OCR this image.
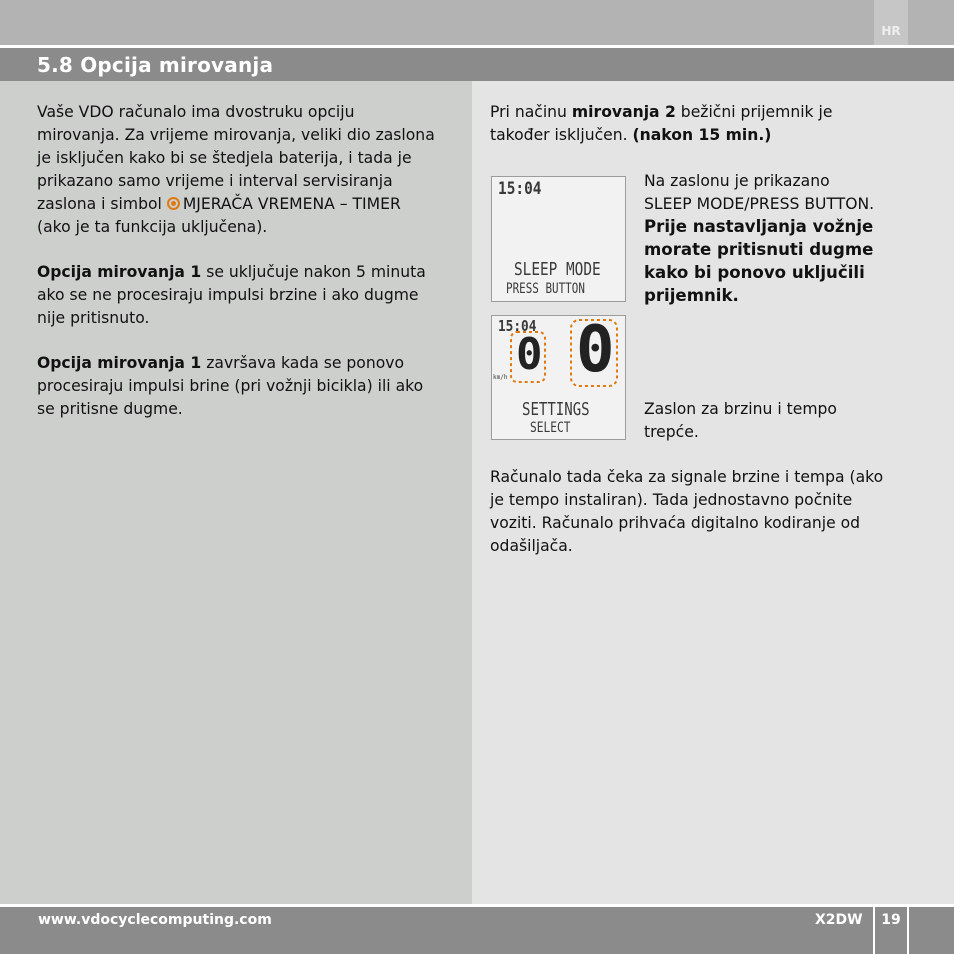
HR
5.8 Opcija mirovanja
Vaše VDO računalo ima dvostruku opciju
mirovanja. Za vrijeme mirovanja, veliki dio zaslona
je isključen kako bi se štedjela baterija, i tada je
prikazano samo vrijeme i interval servisiranja
zaslona i simbol MJERAČA VREMENA – TIMER
(ako je ta funkcija uključena).
Opcija mirovanja 1 se uključuje nakon 5 minuta
ako se ne procesiraju impulsi brzine i ako dugme
nije pritisnuto.
Opcija mirovanja 1 završava kada se ponovo
procesiraju impulsi brine (pri vožnji bicikla) ili ako
se pritisne dugme.
Pri načinu mirovanja 2 bežični prijemnik je
također isključen. (nakon 15 min.)
15:04
SLEEP MODE
PRESS BUTTON
Na zaslonu je prikazano
SLEEP MODE/PRESS BUTTON.
Prije nastavljanja vožnje
morate pritisnuti dugme
kako bi ponovo uključili
prijemnik.
15:04
0 0
km/h
SETTINGS
SELECT
Zaslon za brzinu i tempo
trepće.
Računalo tada čeka za signale brzine i tempa (ako
je tempo instaliran). Tada jednostavno počnite
voziti. Računalo prihvaća digitalno kodiranje od
odašiljača.
www.vdocyclecomputing.com	X2DW	19
